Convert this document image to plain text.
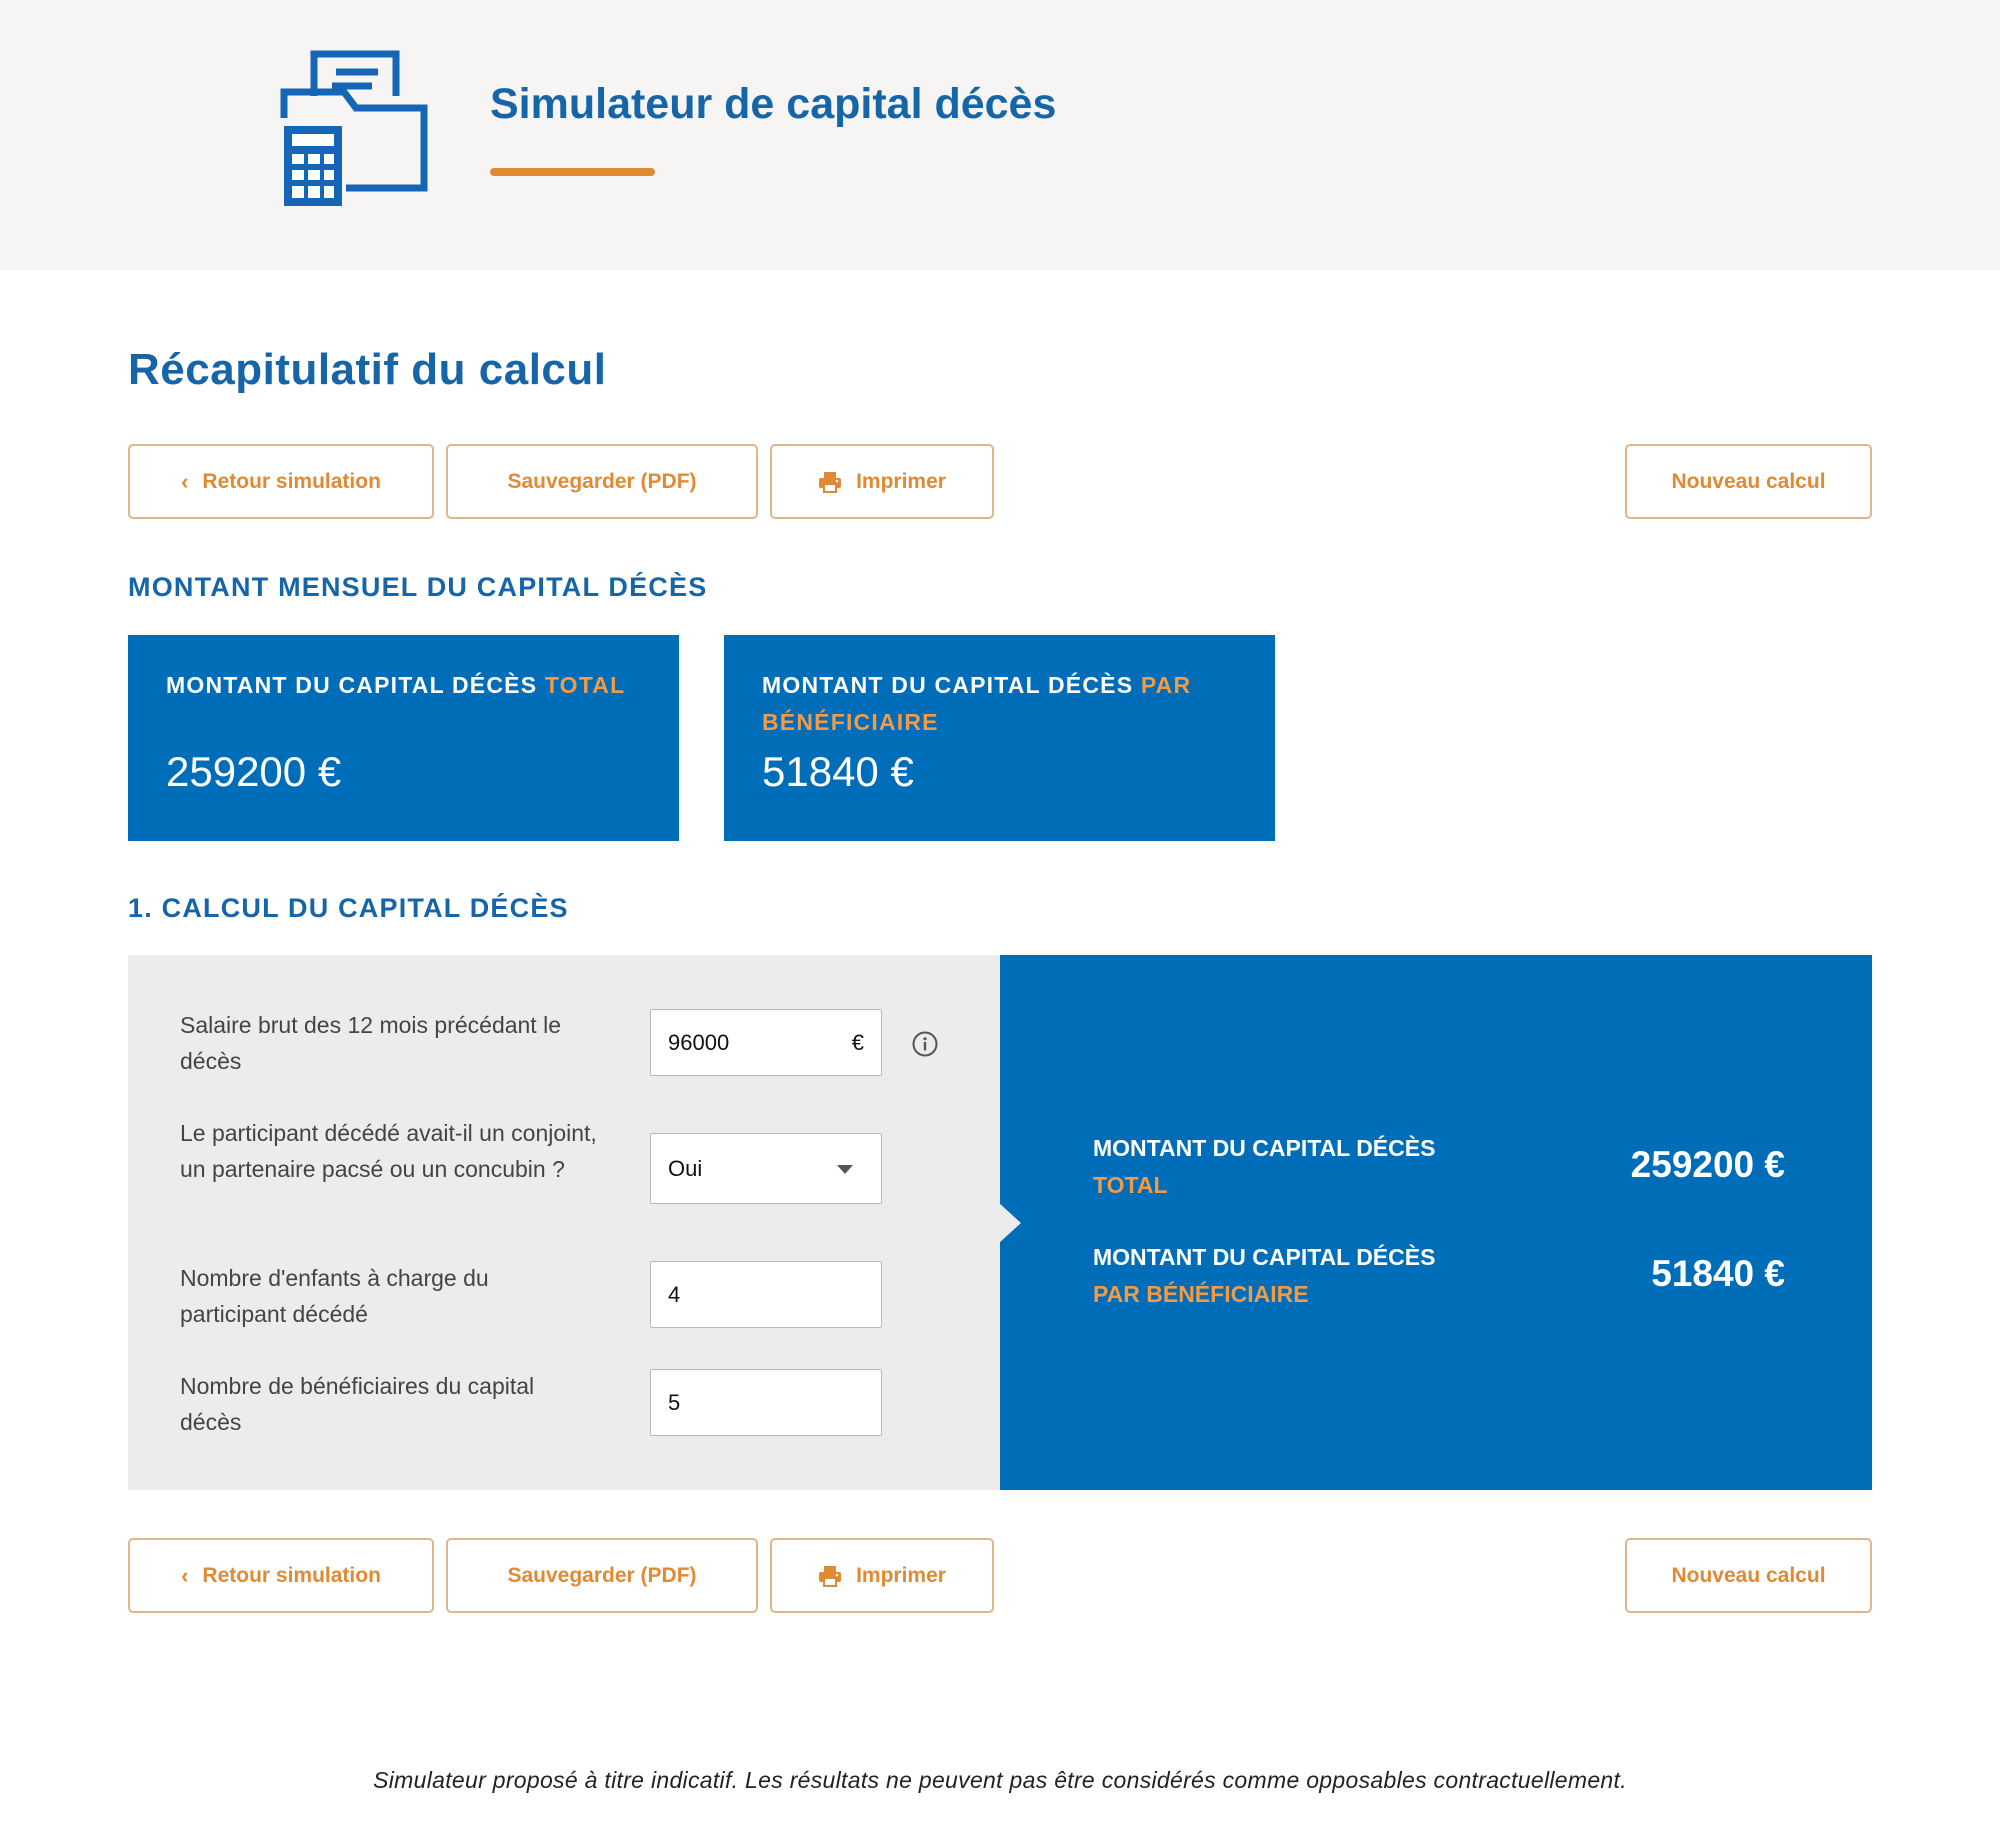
Simulateur de capital décès
Récapitulatif du calcul
‹ Retour simulation	Sauvegarder (PDF)	Imprimer	Nouveau calcul
MONTANT MENSUEL DU CAPITAL DÉCÈS
MONTANT DU CAPITAL DÉCÈS TOTAL
259200 €
MONTANT DU CAPITAL DÉCÈS PAR BÉNÉFICIAIRE
51840 €
1. CALCUL DU CAPITAL DÉCÈS
Salaire brut des 12 mois précédant le décès
96000	€
Le participant décédé avait-il un conjoint, un partenaire pacsé ou un concubin ?	Oui
Nombre d'enfants à charge du participant décédé
4
Nombre de bénéficiaires du capital décès
5
MONTANT DU CAPITAL DÉCÈS
TOTAL	259200 €
MONTANT DU CAPITAL DÉCÈS
PAR BÉNÉFICIAIRE	51840 €
‹ Retour simulation	Sauvegarder (PDF)	Imprimer	Nouveau calcul

Simulateur proposé à titre indicatif. Les résultats ne peuvent pas être considérés comme opposables contractuellement.
